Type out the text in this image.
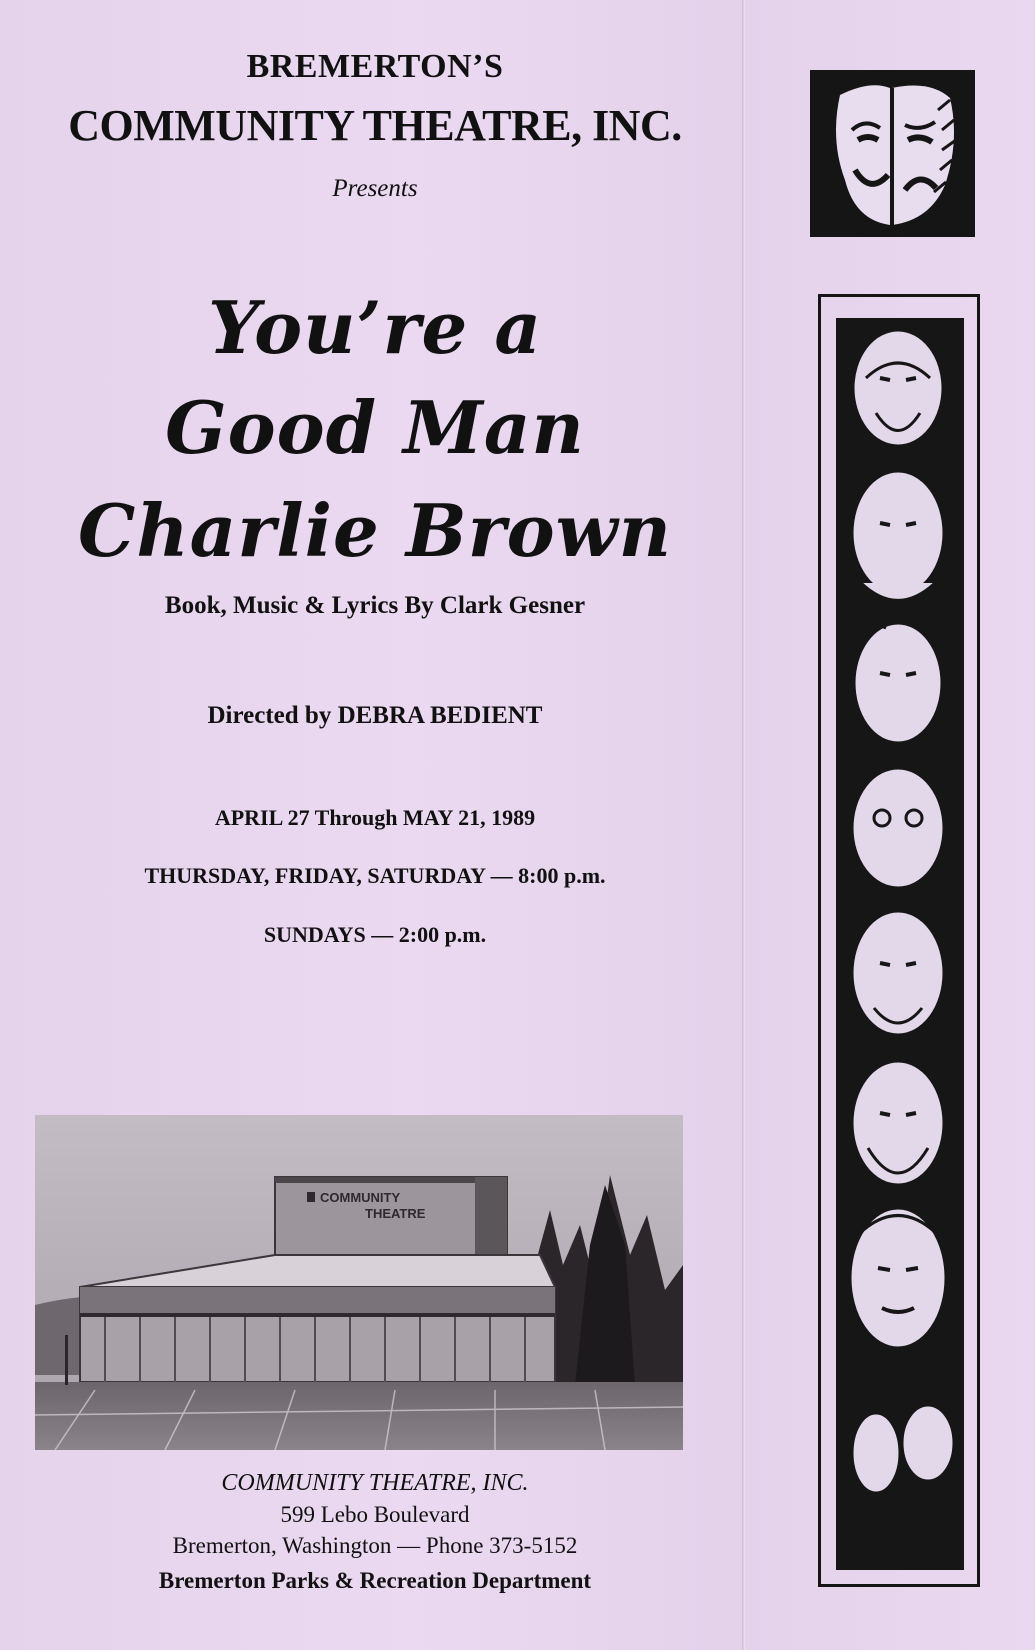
BREMERTON’S
COMMUNITY THEATRE, INC.
Presents
You’re a
Good Man
Charlie Brown
Book, Music & Lyrics By Clark Gesner
Directed by DEBRA BEDIENT
APRIL 27 Through MAY 21, 1989
THURSDAY, FRIDAY, SATURDAY — 8:00 p.m.
SUNDAYS — 2:00 p.m.
COMMUNITY
THEATRE
COMMUNITY THEATRE, INC.
599 Lebo Boulevard
Bremerton, Washington — Phone 373-5152
Bremerton Parks & Recreation Department
